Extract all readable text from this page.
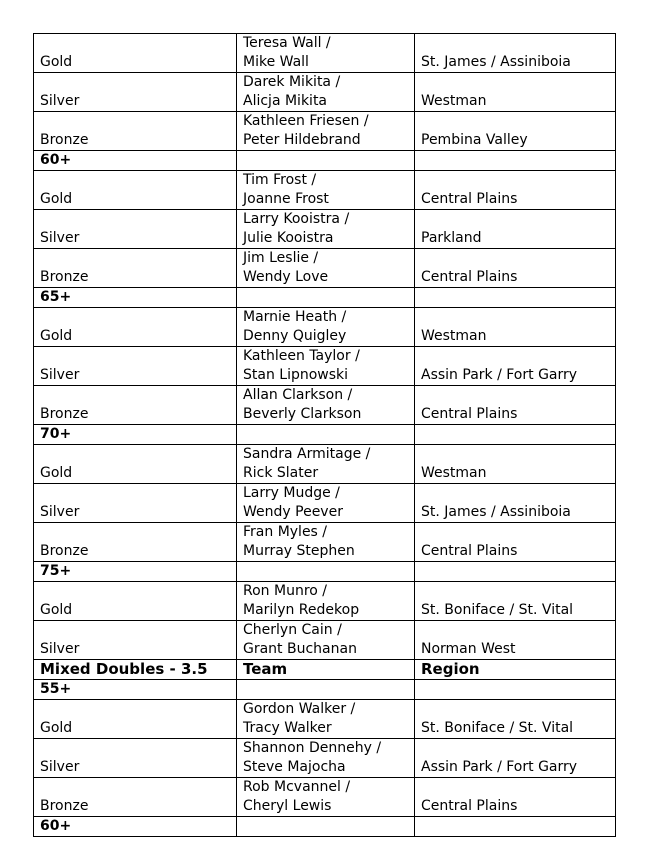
Gold	Teresa Wall /
Mike Wall	St. James / Assiniboia
Silver	Darek Mikita /
Alicja Mikita	Westman
Bronze	Kathleen Friesen /
Peter Hildebrand	Pembina Valley
60+		
Gold	Tim Frost /
Joanne Frost	Central Plains
Silver	Larry Kooistra /
Julie Kooistra	Parkland
Bronze	Jim Leslie /
Wendy Love	Central Plains
65+		
Gold	Marnie Heath /
Denny Quigley	Westman
Silver	Kathleen Taylor /
Stan Lipnowski	Assin Park / Fort Garry
Bronze	Allan Clarkson /
Beverly Clarkson	Central Plains
70+		
Gold	Sandra Armitage /
Rick Slater	Westman
Silver	Larry Mudge /
Wendy Peever	St. James / Assiniboia
Bronze	Fran Myles /
Murray Stephen	Central Plains
75+		
Gold	Ron Munro /
Marilyn Redekop	St. Boniface / St. Vital
Silver	Cherlyn Cain /
Grant Buchanan	Norman West
Mixed Doubles - 3.5	Team	Region
55+		
Gold	Gordon Walker /
Tracy Walker	St. Boniface / St. Vital
Silver	Shannon Dennehy /
Steve Majocha	Assin Park / Fort Garry
Bronze	Rob Mcvannel /
Cheryl Lewis	Central Plains
60+		
